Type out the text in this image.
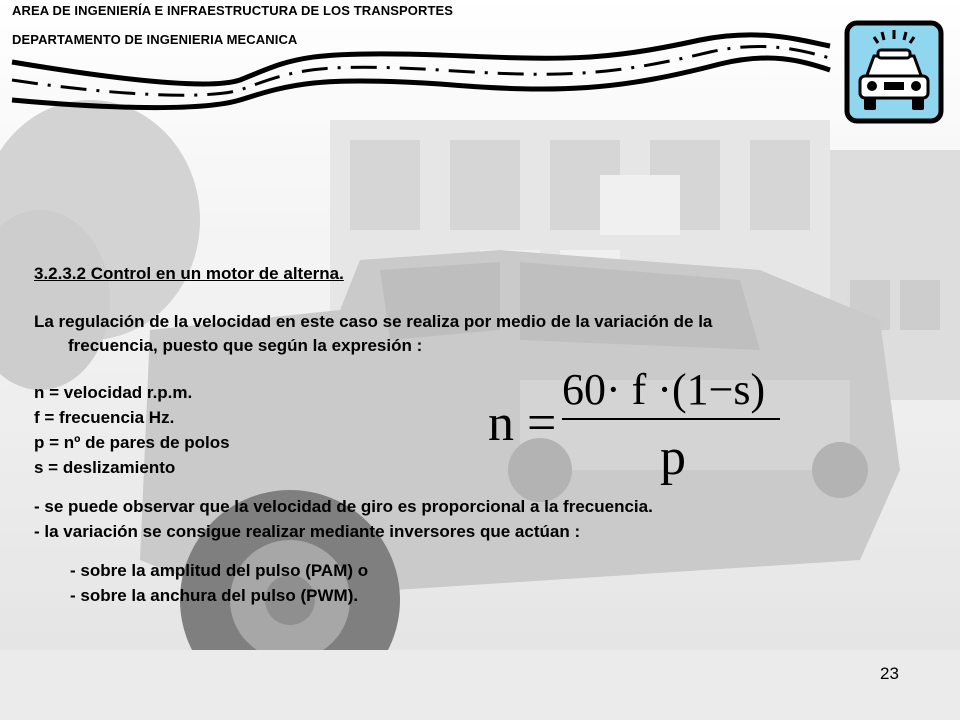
AREA DE INGENIERÍA E INFRAESTRUCTURA DE LOS TRANSPORTES
DEPARTAMENTO DE INGENIERIA MECANICA
3.2.3.2 Control en un motor de alterna.
La regulación de la velocidad en este caso se realiza por medio de la variación de la
frecuencia, puesto que según la expresión :
n = velocidad r.p.m.
f = frecuencia Hz.
p = nº de pares de polos
s = deslizamiento
- se puede observar que la velocidad de giro es proporcional a la frecuencia.
- la variación se consigue realizar mediante inversores que actúan :
- sobre la amplitud del pulso (PAM) o
- sobre la anchura del pulso (PWM).
n =
60· f ·(1−s)
p
23
